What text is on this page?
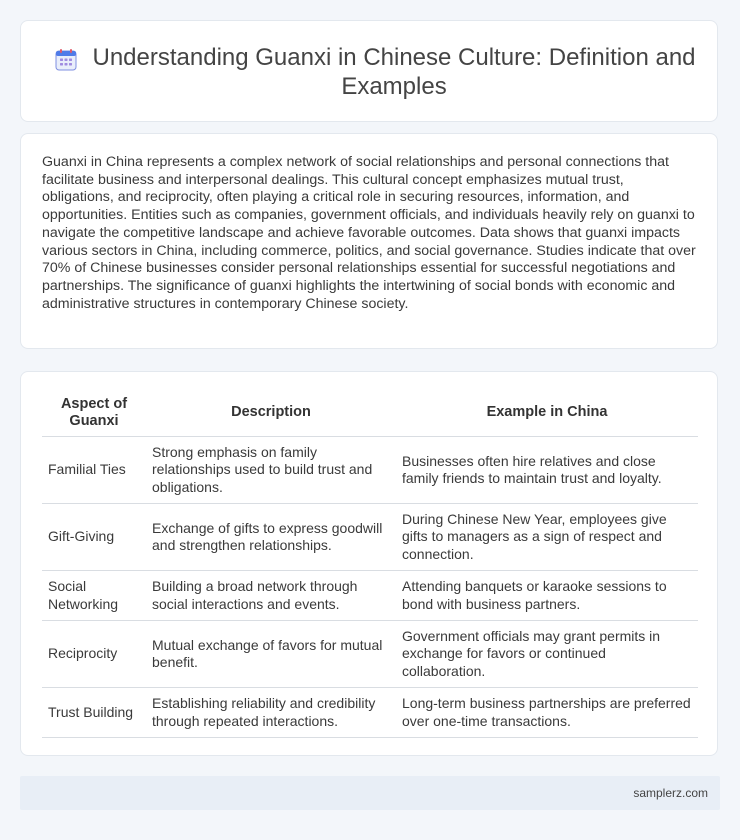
Understanding Guanxi in Chinese Culture: Definition and Examples

Guanxi in China represents a complex network of social relationships and personal connections that facilitate business and interpersonal dealings. This cultural concept emphasizes mutual trust, obligations, and reciprocity, often playing a critical role in securing resources, information, and opportunities. Entities such as companies, government officials, and individuals heavily rely on guanxi to navigate the competitive landscape and achieve favorable outcomes. Data shows that guanxi impacts various sectors in China, including commerce, politics, and social governance. Studies indicate that over 70% of Chinese businesses consider personal relationships essential for successful negotiations and partnerships. The significance of guanxi highlights the intertwining of social bonds with economic and administrative structures in contemporary Chinese society.

Aspect of Guanxi	Description	Example in China
Familial Ties	Strong emphasis on family relationships used to build trust and obligations.	Businesses often hire relatives and close family friends to maintain trust and loyalty.
Gift-Giving	Exchange of gifts to express goodwill and strengthen relationships.	During Chinese New Year, employees give gifts to managers as a sign of respect and connection.
Social Networking	Building a broad network through social interactions and events.	Attending banquets or karaoke sessions to bond with business partners.
Reciprocity	Mutual exchange of favors for mutual benefit.	Government officials may grant permits in exchange for favors or continued collaboration.
Trust Building	Establishing reliability and credibility through repeated interactions.	Long-term business partnerships are preferred over one-time transactions.
samplerz.com
